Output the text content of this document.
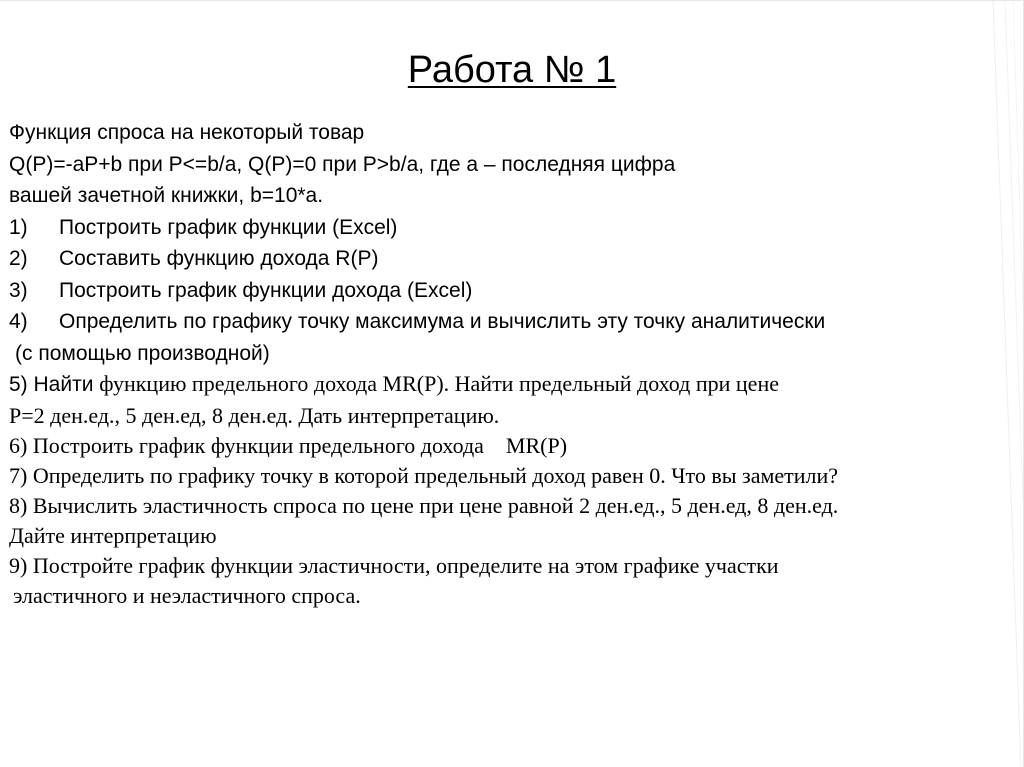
Работа № 1

Функция спроса на некоторый товар

Q(P)=-aP+b при P<=b/a, Q(P)=0 при P>b/a, где a – последняя цифра

вашей зачетной книжки, b=10*a.

1) Построить график функции (Excel)

2) Составить функцию дохода R(P)

3) Построить график функции дохода (Excel)

4) Определить по графику точку максимума и вычислить эту точку аналитически

(с помощью производной)

5) Найти функцию предельного дохода MR(P). Найти предельный доход при цене

P=2 ден.ед., 5 ден.ед, 8 ден.ед. Дать интерпретацию.

6) Построить график функции предельного дохода    MR(P)

7) Определить по графику точку в которой предельный доход равен 0. Что вы заметили?

8) Вычислить эластичность спроса по цене при цене равной 2 ден.ед., 5 ден.ед, 8 ден.ед.

Дайте интерпретацию

9) Постройте график функции эластичности, определите на этом графике участки

эластичного и неэластичного спроса.
